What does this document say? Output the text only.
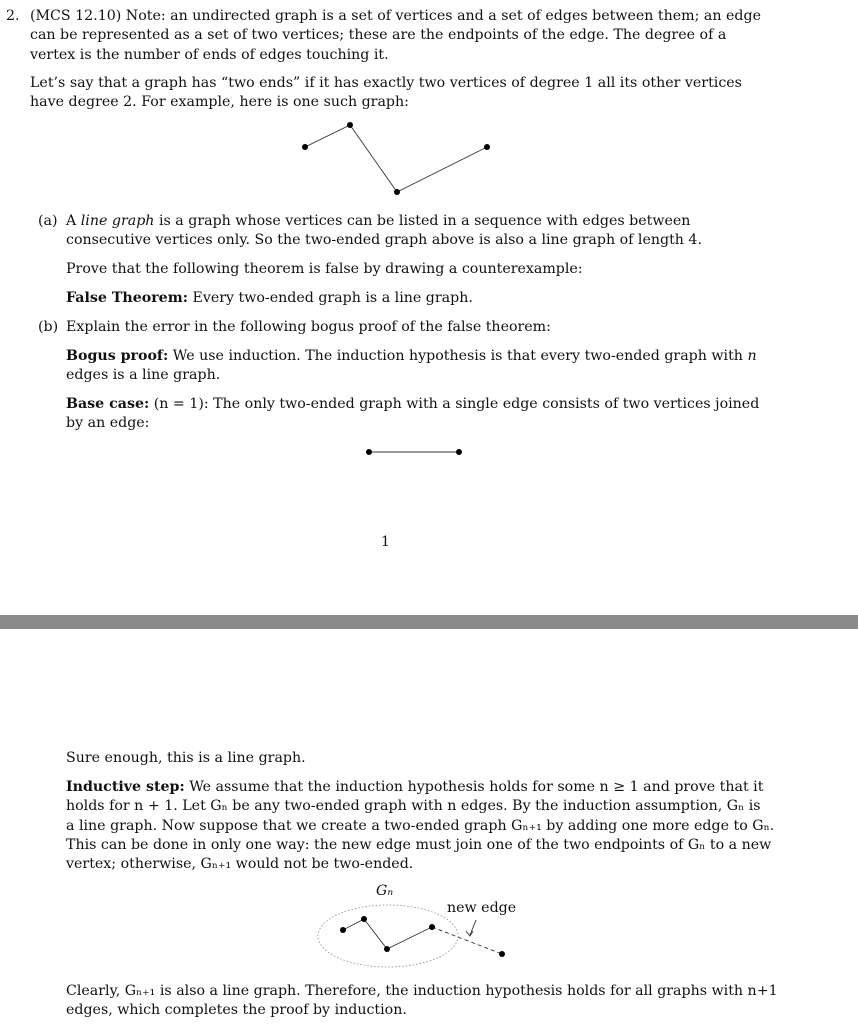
2. (MCS 12.10) Note: an undirected graph is a set of vertices and a set of edges between them; an edge can be represented as a set of two vertices; these are the endpoints of the edge. The degree of a vertex is the number of ends of edges touching it.

Let’s say that a graph has “two ends” if it has exactly two vertices of degree 1 all its other vertices have degree 2. For example, here is one such graph:

(a) A line graph is a graph whose vertices can be listed in a sequence with edges between consecutive vertices only. So the two-ended graph above is also a line graph of length 4.

Prove that the following theorem is false by drawing a counterexample:

False Theorem: Every two-ended graph is a line graph.

(b) Explain the error in the following bogus proof of the false theorem:

Bogus proof: We use induction. The induction hypothesis is that every two-ended graph with n edges is a line graph.

Base case: (n = 1): The only two-ended graph with a single edge consists of two vertices joined by an edge:

1

Sure enough, this is a line graph.

Inductive step: We assume that the induction hypothesis holds for some n ≥ 1 and prove that it

holds for n + 1. Let Gₙ be any two-ended graph with n edges. By the induction assumption, Gₙ is

a line graph. Now suppose that we create a two-ended graph Gₙ₊₁ by adding one more edge to Gₙ.

This can be done in only one way: the new edge must join one of the two endpoints of Gₙ to a new

vertex; otherwise, Gₙ₊₁ would not be two-ended.

Gₙ
new edge

Clearly, Gₙ₊₁ is also a line graph. Therefore, the induction hypothesis holds for all graphs with n+1

edges, which completes the proof by induction.
